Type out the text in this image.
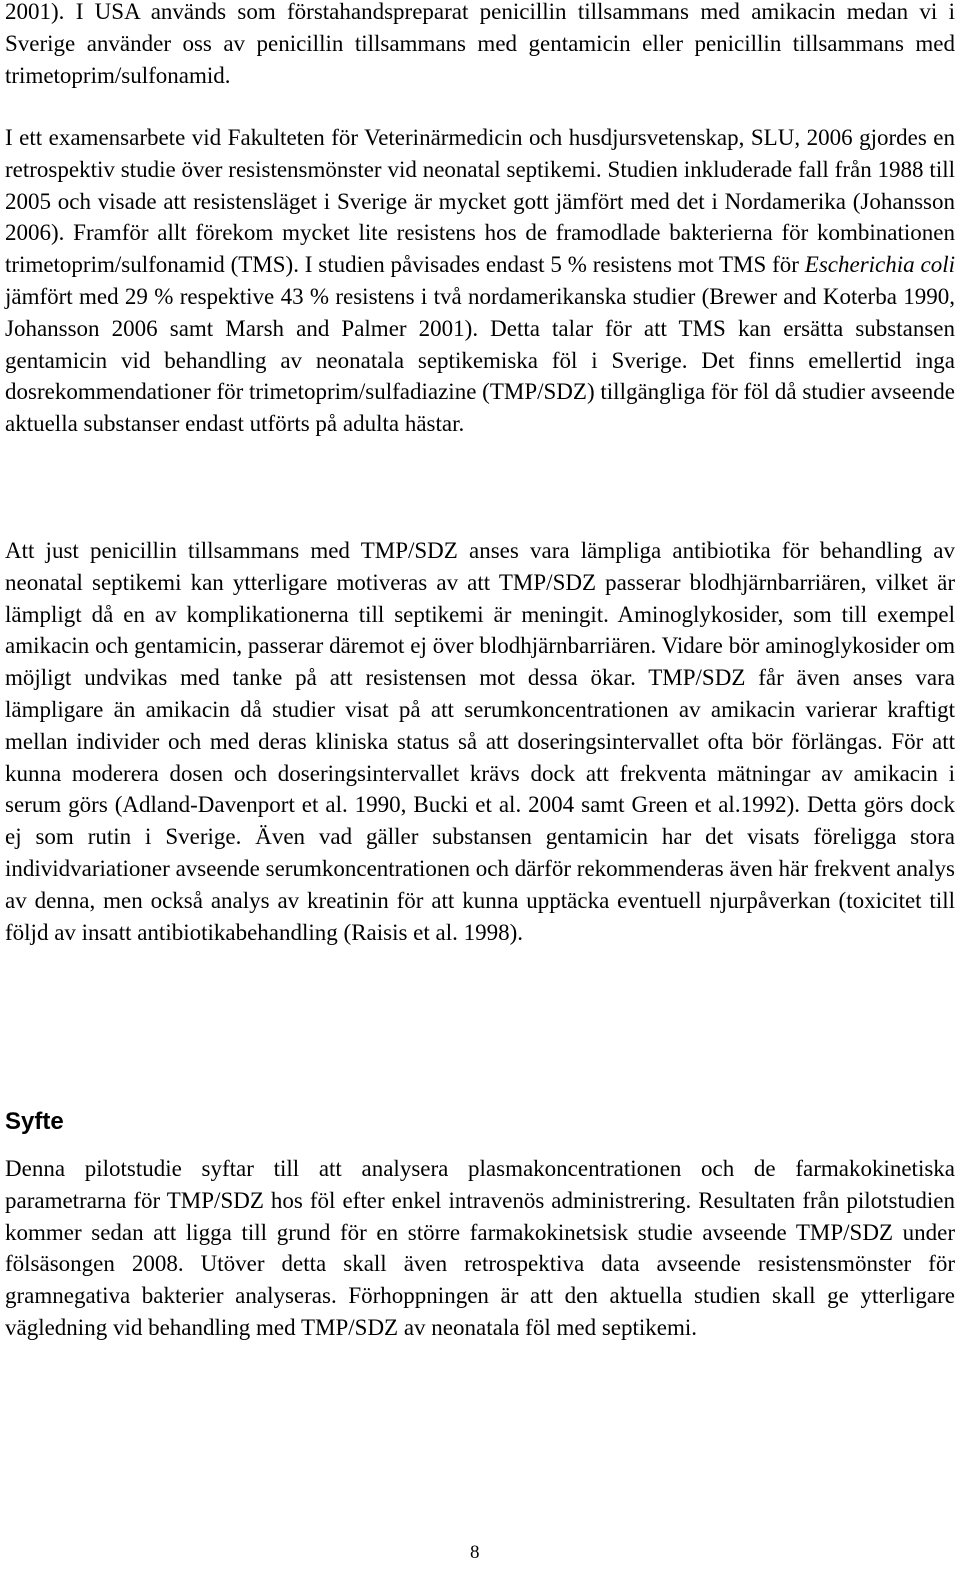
2001). I USA används som förstahandspreparat penicillin tillsammans med amikacin medan vi i Sverige använder oss av penicillin tillsammans med gentamicin eller penicillin tillsammans med trimetoprim/sulfonamid.

I ett examensarbete vid Fakulteten för Veterinärmedicin och husdjursvetenskap, SLU, 2006 gjordes en retrospektiv studie över resistensmönster vid neonatal septikemi. Studien inkluderade fall från 1988 till 2005 och visade att resistensläget i Sverige är mycket gott jämfört med det i Nordamerika (Johansson 2006). Framför allt förekom mycket lite resistens hos de framodlade bakterierna för kombinationen trimetoprim/sulfonamid (TMS). I studien påvisades endast 5 % resistens mot TMS för Escherichia coli jämfört med 29 % respektive 43 % resistens i två nordamerikanska studier (Brewer and Koterba 1990, Johansson 2006 samt Marsh and Palmer 2001). Detta talar för att TMS kan ersätta substansen gentamicin vid behandling av neonatala septikemiska föl i Sverige. Det finns emellertid inga dosrekommendationer för trimetoprim/sulfadiazine (TMP/SDZ) tillgängliga för föl då studier avseende aktuella substanser endast utförts på adulta hästar.

Att just penicillin tillsammans med TMP/SDZ anses vara lämpliga antibiotika för behandling av neonatal septikemi kan ytterligare motiveras av att TMP/SDZ passerar blodhjärnbarriären, vilket är lämpligt då en av komplikationerna till septikemi är meningit. Aminoglykosider, som till exempel amikacin och gentamicin, passerar däremot ej över blodhjärnbarriären. Vidare bör aminoglykosider om möjligt undvikas med tanke på att resistensen mot dessa ökar. TMP/SDZ får även anses vara lämpligare än amikacin då studier visat på att serumkoncentrationen av amikacin varierar kraftigt mellan individer och med deras kliniska status så att doseringsintervallet ofta bör förlängas. För att kunna moderera dosen och doseringsintervallet krävs dock att frekventa mätningar av amikacin i serum görs (Adland-Davenport et al. 1990, Bucki et al. 2004 samt Green et al.1992). Detta görs dock ej som rutin i Sverige. Även vad gäller substansen gentamicin har det visats föreligga stora individvariationer avseende serumkoncentrationen och därför rekommenderas även här frekvent analys av denna, men också analys av kreatinin för att kunna upptäcka eventuell njurpåverkan (toxicitet till följd av insatt antibiotikabehandling (Raisis et al. 1998).

Syfte

Denna pilotstudie syftar till att analysera plasmakoncentrationen och de farmakokinetiska parametrarna för TMP/SDZ hos föl efter enkel intravenös administrering. Resultaten från pilotstudien kommer sedan att ligga till grund för en större farmakokinetsisk studie avseende TMP/SDZ under fölsäsongen 2008. Utöver detta skall även retrospektiva data avseende resistensmönster för gramnegativa bakterier analyseras. Förhoppningen är att den aktuella studien skall ge ytterligare vägledning vid behandling med TMP/SDZ av neonatala föl med septikemi.

8
